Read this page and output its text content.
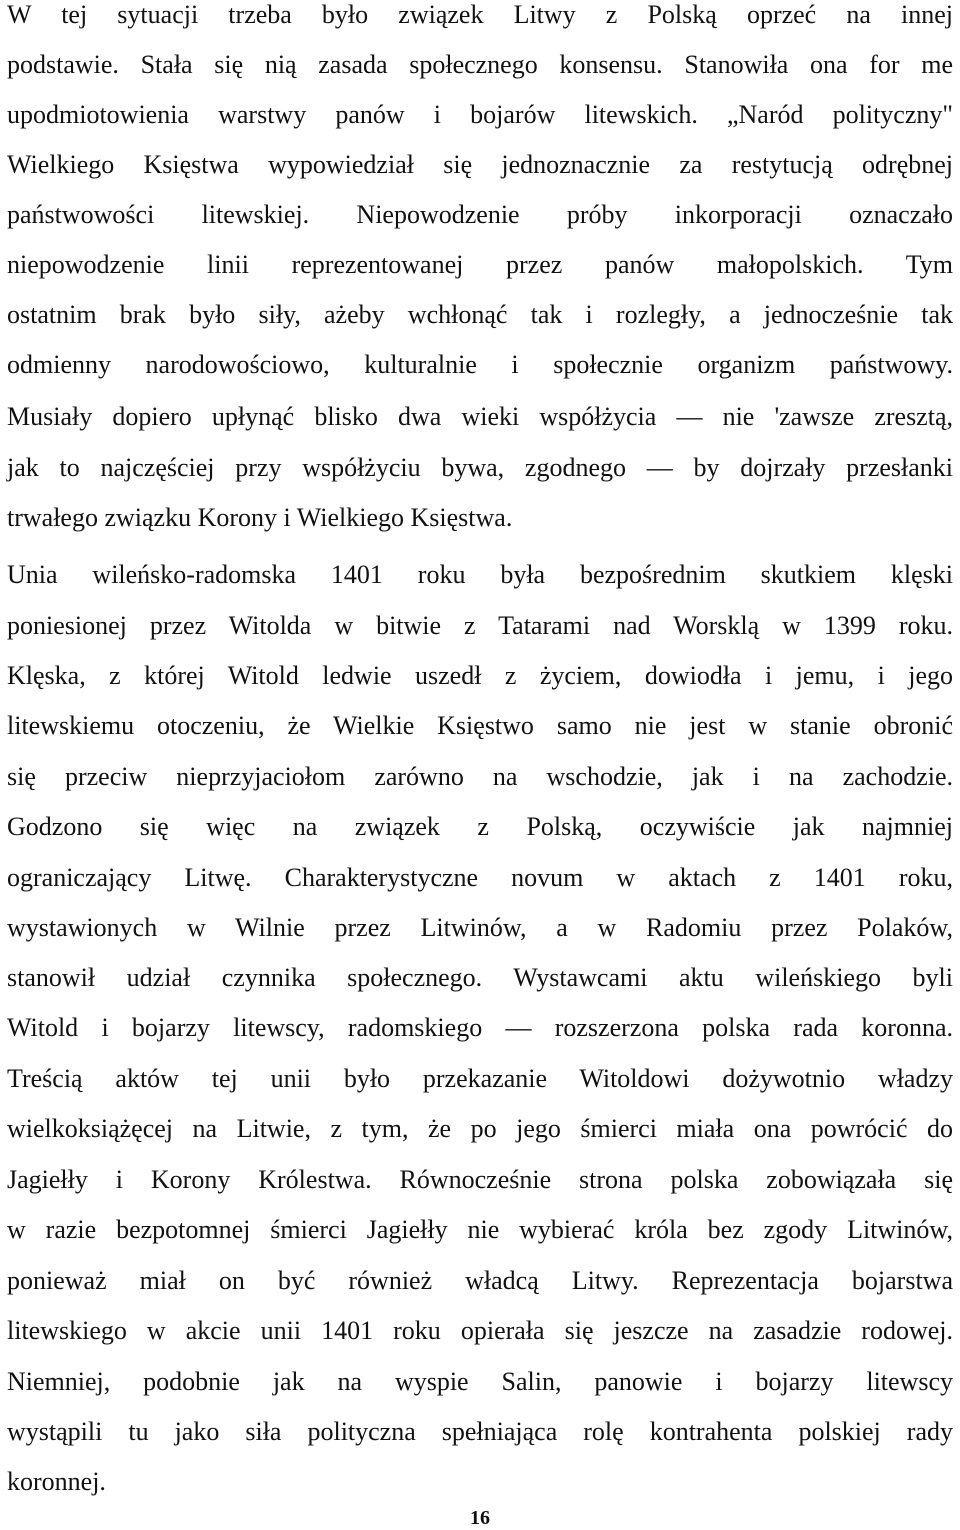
W tej sytuacji trzeba było związek Litwy z Polską oprzeć na innej
podstawie. Stała się nią zasada społecznego konsensu. Stanowiła ona for me
upodmiotowienia warstwy panów i bojarów litewskich. „Naród polityczny"
Wielkiego Księstwa wypowiedział się jednoznacznie za restytucją odrębnej
państwowości litewskiej. Niepowodzenie próby inkorporacji oznaczało
niepowodzenie linii reprezentowanej przez panów małopolskich. Tym
ostatnim brak było siły, ażeby wchłonąć tak i rozległy, a jednocześnie tak
odmienny narodowościowo, kulturalnie i społecznie organizm państwowy.
Musiały dopiero upłynąć blisko dwa wieki współżycia — nie 'zawsze zresztą,
jak to najczęściej przy współżyciu bywa, zgodnego — by dojrzały przesłanki
trwałego związku Korony i Wielkiego Księstwa.
Unia wileńsko-radomska 1401 roku była bezpośrednim skutkiem klęski
poniesionej przez Witolda w bitwie z Tatarami nad Worsklą w 1399 roku.
Klęska, z której Witold ledwie uszedł z życiem, dowiodła i jemu, i jego
litewskiemu otoczeniu, że Wielkie Księstwo samo nie jest w stanie obronić
się przeciw nieprzyjaciołom zarówno na wschodzie, jak i na zachodzie.
Godzono się więc na związek z Polską, oczywiście jak najmniej
ograniczający Litwę. Charakterystyczne novum w aktach z 1401 roku,
wystawionych w Wilnie przez Litwinów, a w Radomiu przez Polaków,
stanowił udział czynnika społecznego. Wystawcami aktu wileńskiego byli
Witold i bojarzy litewscy, radomskiego — rozszerzona polska rada koronna.
Treścią aktów tej unii było przekazanie Witoldowi dożywotnio władzy
wielkoksiążęcej na Litwie, z tym, że po jego śmierci miała ona powrócić do
Jagiełły i Korony Królestwa. Równocześnie strona polska zobowiązała się
w razie bezpotomnej śmierci Jagiełły nie wybierać króla bez zgody Litwinów,
ponieważ miał on być również władcą Litwy. Reprezentacja bojarstwa
litewskiego w akcie unii 1401 roku opierała się jeszcze na zasadzie rodowej.
Niemniej, podobnie jak na wyspie Salin, panowie i bojarzy litewscy
wystąpili tu jako siła polityczna spełniająca rolę kontrahenta polskiej rady
koronnej.
16
